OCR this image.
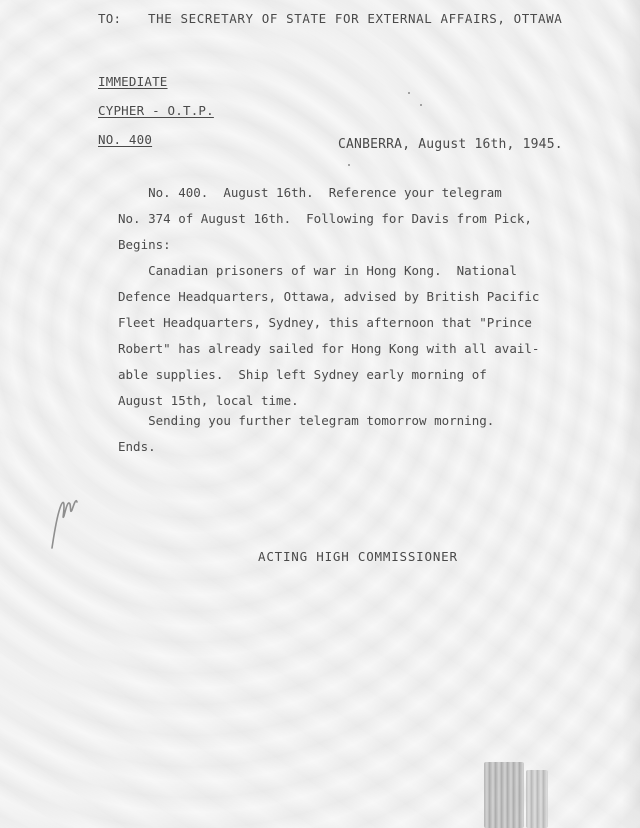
TO: THE SECRETARY OF STATE FOR EXTERNAL AFFAIRS, OTTAWA
IMMEDIATE
CYPHER - O.T.P.
NO. 400	CANBERRA, August 16th, 1945.
No. 400.  August 16th.  Reference your telegram
No. 374 of August 16th.  Following for Davis from Pick,
Begins:
Canadian prisoners of war in Hong Kong.  National
Defence Headquarters, Ottawa, advised by British Pacific
Fleet Headquarters, Sydney, this afternoon that "Prince
Robert" has already sailed for Hong Kong with all avail-
able supplies.  Ship left Sydney early morning of
August 15th, local time.
Sending you further telegram tomorrow morning.
Ends.
ACTING HIGH COMMISSIONER
